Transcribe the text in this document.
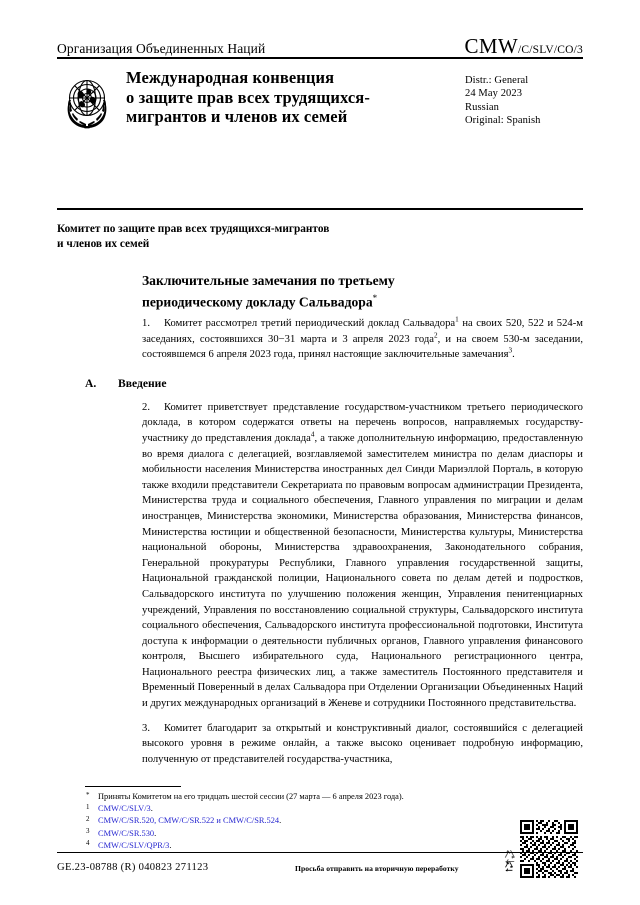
Организация Объединенных Наций	CMW/C/SLV/CO/3
Международная конвенция
о защите прав всех трудящихся-
мигрантов и членов их семей
Distr.: General
24 May 2023
Russian
Original: Spanish
Комитет по защите прав всех трудящихся-мигрантов
и членов их семей
Заключительные замечания по третьему
периодическому докладу Сальвадора*

1. Комитет рассмотрел третий периодический доклад Сальвадора$^1$ на своих 520, 522 и 524-м заседаниях, состоявшихся 30−31 марта и 3 апреля 2023 года$^2$, и на своем 530-м заседании, состоявшемся 6 апреля 2023 года, принял настоящие заключительные замечания$^3$.

A. Введение

2. Комитет приветствует представление государством-участником третьего периодического доклада, в котором содержатся ответы на перечень вопросов, направляемых государству-участнику до представления доклада$^4$, а также дополнительную информацию, предоставленную во время диалога с делегацией, возглавляемой заместителем министра по делам диаспоры и мобильности населения Министерства иностранных дел Синди Мариэллой Порталь, в которую также входили представители Секретариата по правовым вопросам администрации Президента, Министерства труда и социального обеспечения, Главного управления по миграции и делам иностранцев, Министерства экономики, Министерства образования, Министерства финансов, Министерства юстиции и общественной безопасности, Министерства культуры, Министерства национальной обороны, Министерства здравоохранения, Законодательного собрания, Генеральной прокуратуры Республики, Главного управления государственной защиты, Национальной гражданской полиции, Национального совета по делам детей и подростков, Сальвадорского института по улучшению положения женщин, Управления пенитенциарных учреждений, Управления по восстановлению социальной структуры, Сальвадорского института социального обеспечения, Сальвадорского института профессиональной подготовки, Института доступа к информации о деятельности публичных органов, Главного управления финансового контроля, Высшего избирательного суда, Национального регистрационного центра, Национального реестра физических лиц, а также заместитель Постоянного представителя и Временный Поверенный в делах Сальвадора при Отделении Организации Объединенных Наций и других международных организаций в Женеве и сотрудники Постоянного представительства.

3. Комитет благодарит за открытый и конструктивный диалог, состоявшийся с делегацией высокого уровня в режиме онлайн, а также высоко оценивает подробную информацию, полученную от представителей государства-участника,

* Приняты Комитетом на его тридцать шестой сессии (27 марта — 6 апреля 2023 года).
1 CMW/C/SLV/3.
2 CMW/C/SR.520, CMW/C/SR.522 и CMW/C/SR.524.
3 CMW/C/SR.530.
4 CMW/C/SLV/QPR/3.
GE.23-08788 (R) 040823 271123	Просьба отправить на вторичную переработку
